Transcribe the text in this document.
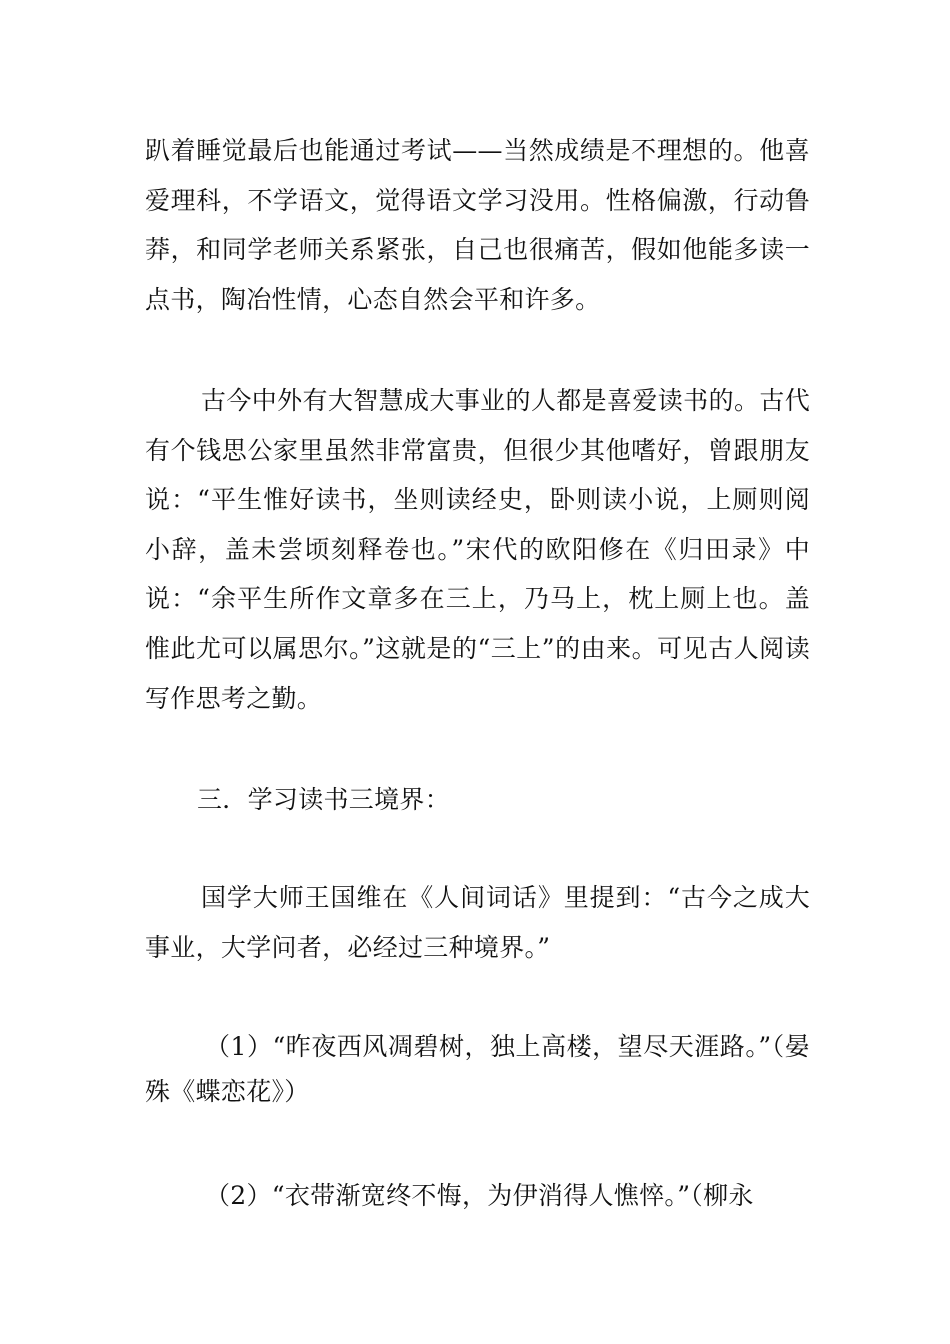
趴着睡觉最后也能通过考试——当然成绩是不理想的。他喜爱理科，不学语文，觉得语文学习没用。性格偏激，行动鲁莽，和同学老师关系紧张，自己也很痛苦，假如他能多读一点书，陶冶性情，心态自然会平和许多。

古今中外有大智慧成大事业的人都是喜爱读书的。古代有个钱思公家里虽然非常富贵，但很少其他嗜好，曾跟朋友说：“平生惟好读书，坐则读经史，卧则读小说，上厕则阅小辞，盖未尝顷刻释卷也。”宋代的欧阳修在《归田录》中说：“余平生所作文章多在三上，乃马上，枕上厕上也。盖惟此尤可以属思尔。”这就是的“三上”的由来。可见古人阅读写作思考之勤。

三．学习读书三境界：

国学大师王国维在《人间词话》里提到：“古今之成大事业，大学问者，必经过三种境界。”

（1）“昨夜西风凋碧树，独上高楼，望尽天涯路。”（晏殊《蝶恋花》）

（2）“衣带渐宽终不悔，为伊消得人憔悴。”（柳永
